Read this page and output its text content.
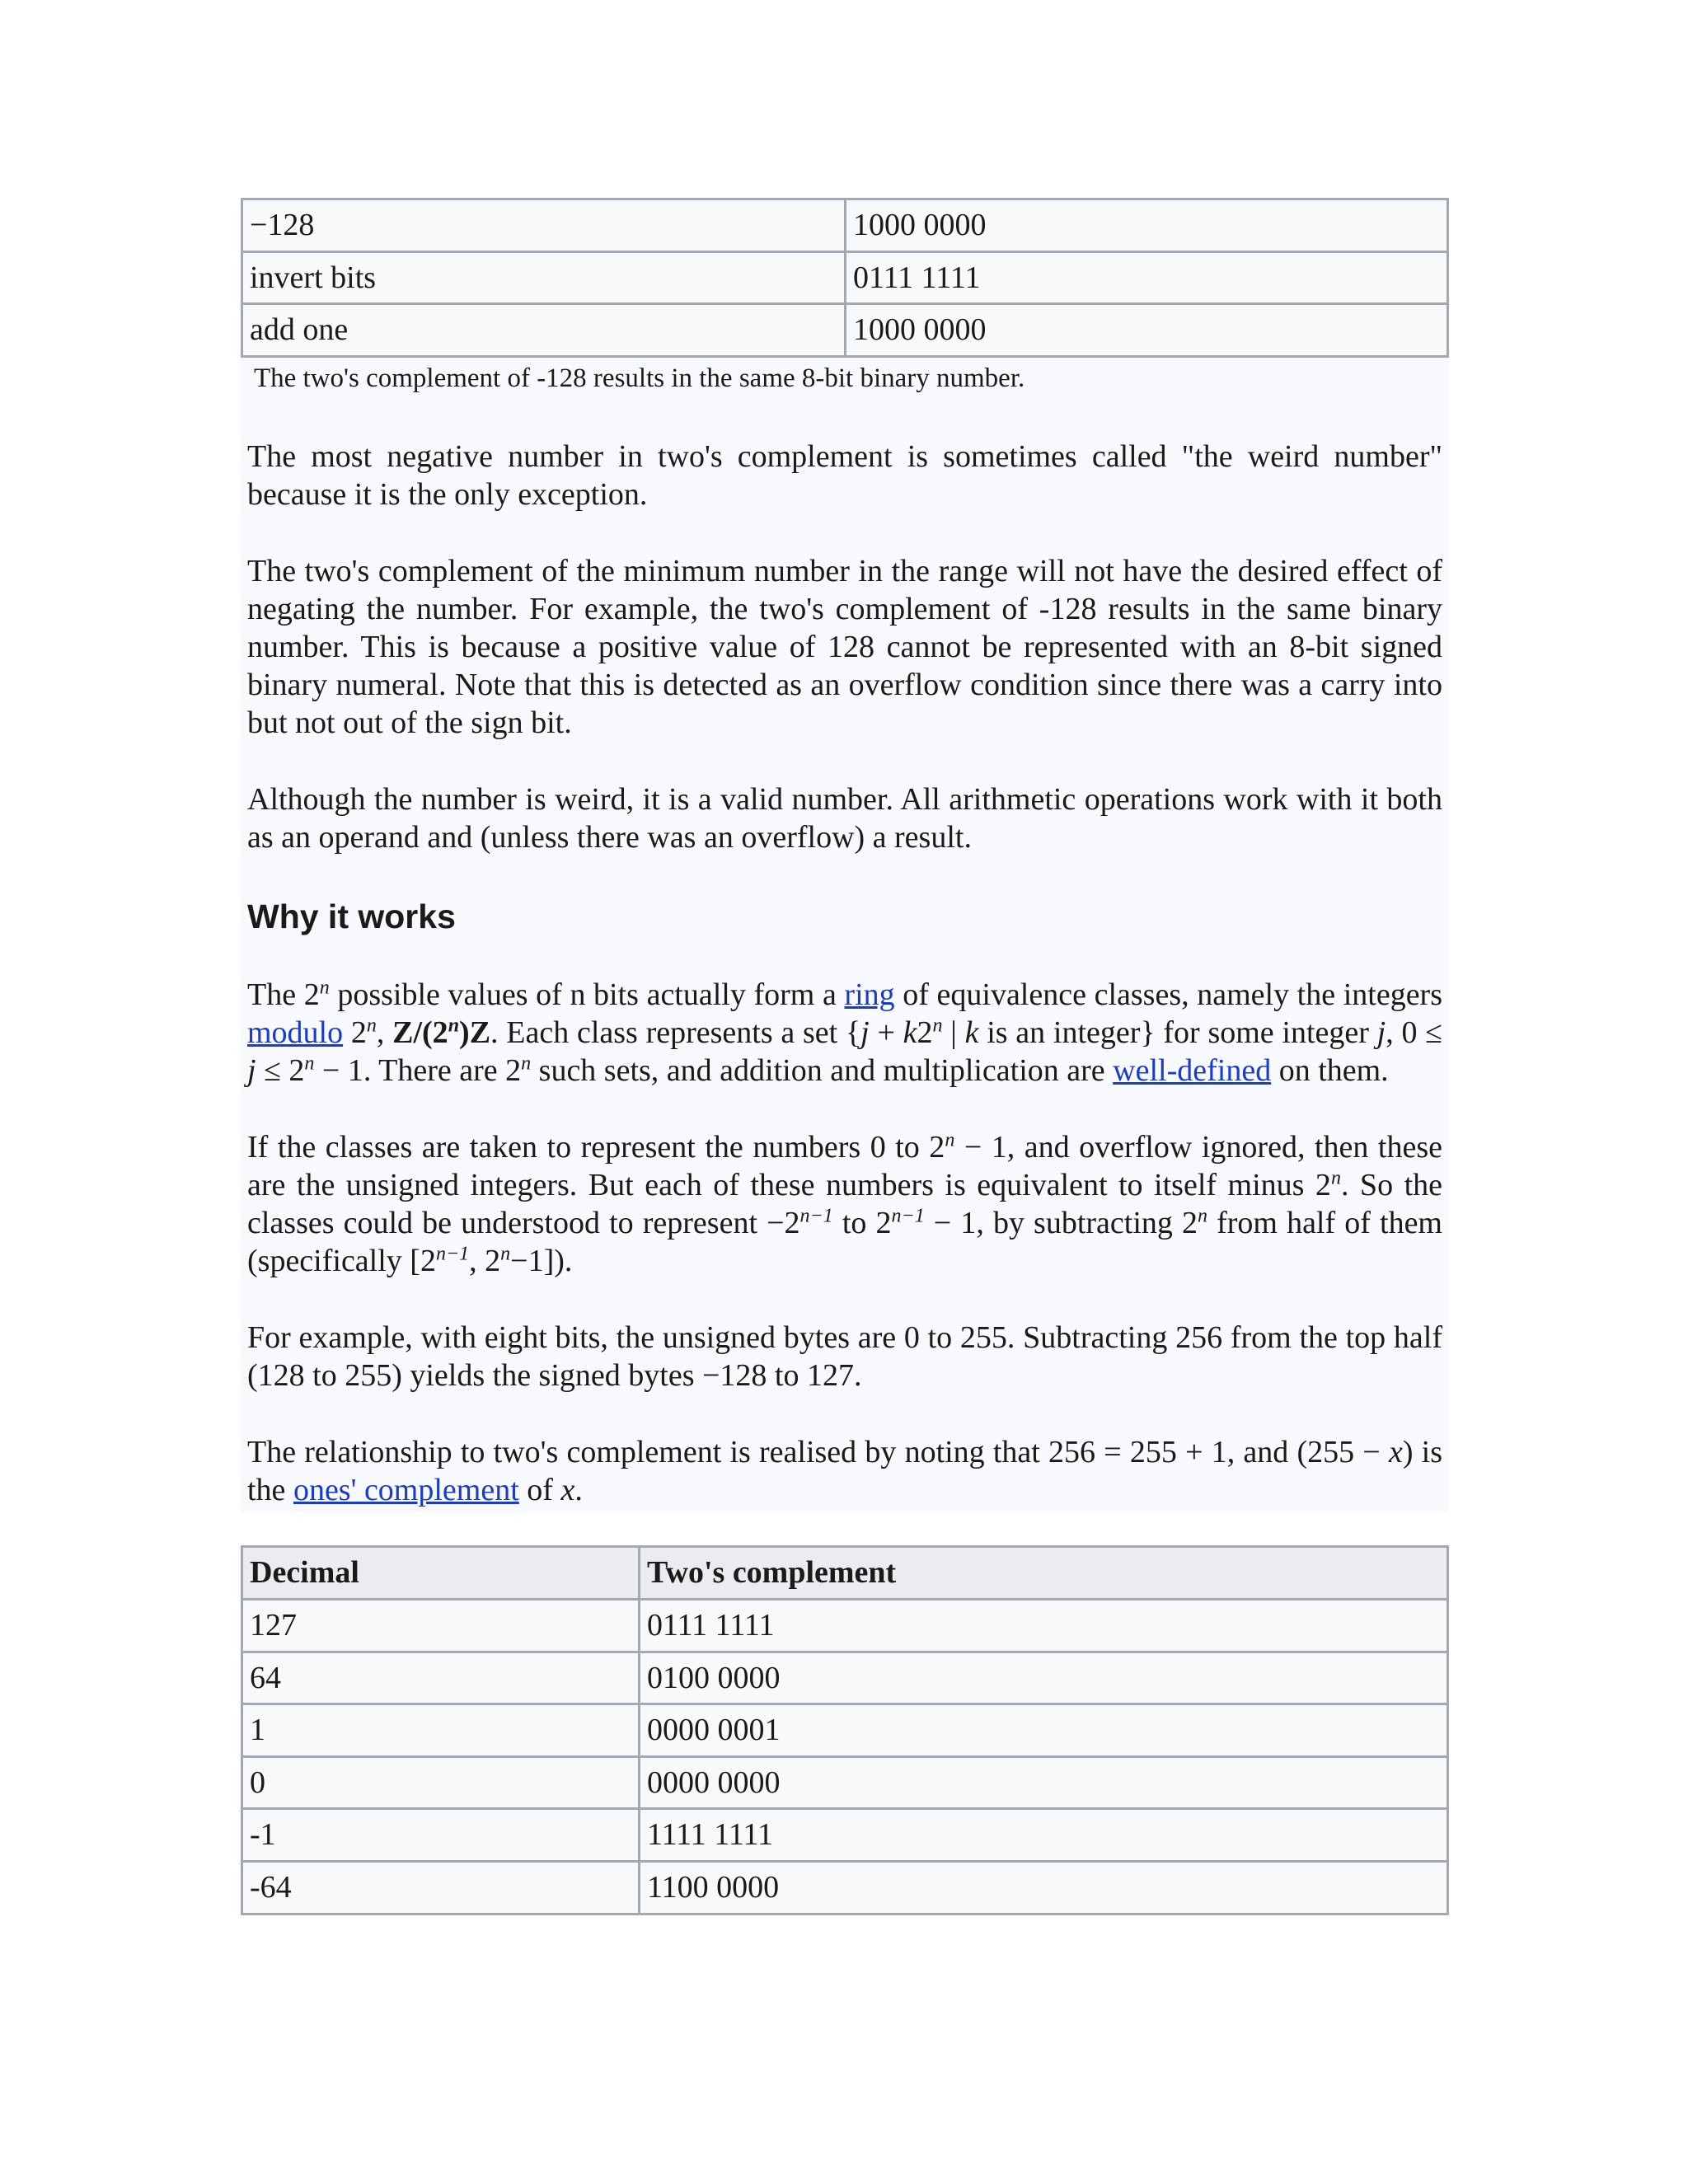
−128	1000 0000
invert bits	0111 1111
add one	1000 0000
The two's complement of -128 results in the same 8-bit binary number.

The most negative number in two's complement is sometimes called "the weird number" because it is the only exception.

The two's complement of the minimum number in the range will not have the desired effect of negating the number. For example, the two's complement of -128 results in the same binary number. This is because a positive value of 128 cannot be represented with an 8-bit signed binary numeral. Note that this is detected as an overflow condition since there was a carry into but not out of the sign bit.

Although the number is weird, it is a valid number. All arithmetic operations work with it both as an operand and (unless there was an overflow) a result.

Why it works

The 2$^n$ possible values of n bits actually form a ring of equivalence classes, namely the integers modulo 2$^n$, Z/(2$^n$)Z. Each class represents a set {$j + k2^n$ | k is an integer} for some integer j, $0 \le j \le 2^n - 1$. There are 2$^n$ such sets, and addition and multiplication are well-defined on them.

If the classes are taken to represent the numbers 0 to $2^n - 1$, and overflow ignored, then these are the unsigned integers. But each of these numbers is equivalent to itself minus 2$^n$. So the classes could be understood to represent $-2^{n-1}$ to $2^{n-1} - 1$, by subtracting 2$^n$ from half of them (specifically [$2^{n-1}$, $2^n-1$]).

For example, with eight bits, the unsigned bytes are 0 to 255. Subtracting 256 from the top half (128 to 255) yields the signed bytes −128 to 127.

The relationship to two's complement is realised by noting that 256 = 255 + 1, and (255 − x) is the ones' complement of x.

Decimal	Two's complement
127	0111 1111
64	0100 0000
1	0000 0001
0	0000 0000
-1	1111 1111
-64	1100 0000
